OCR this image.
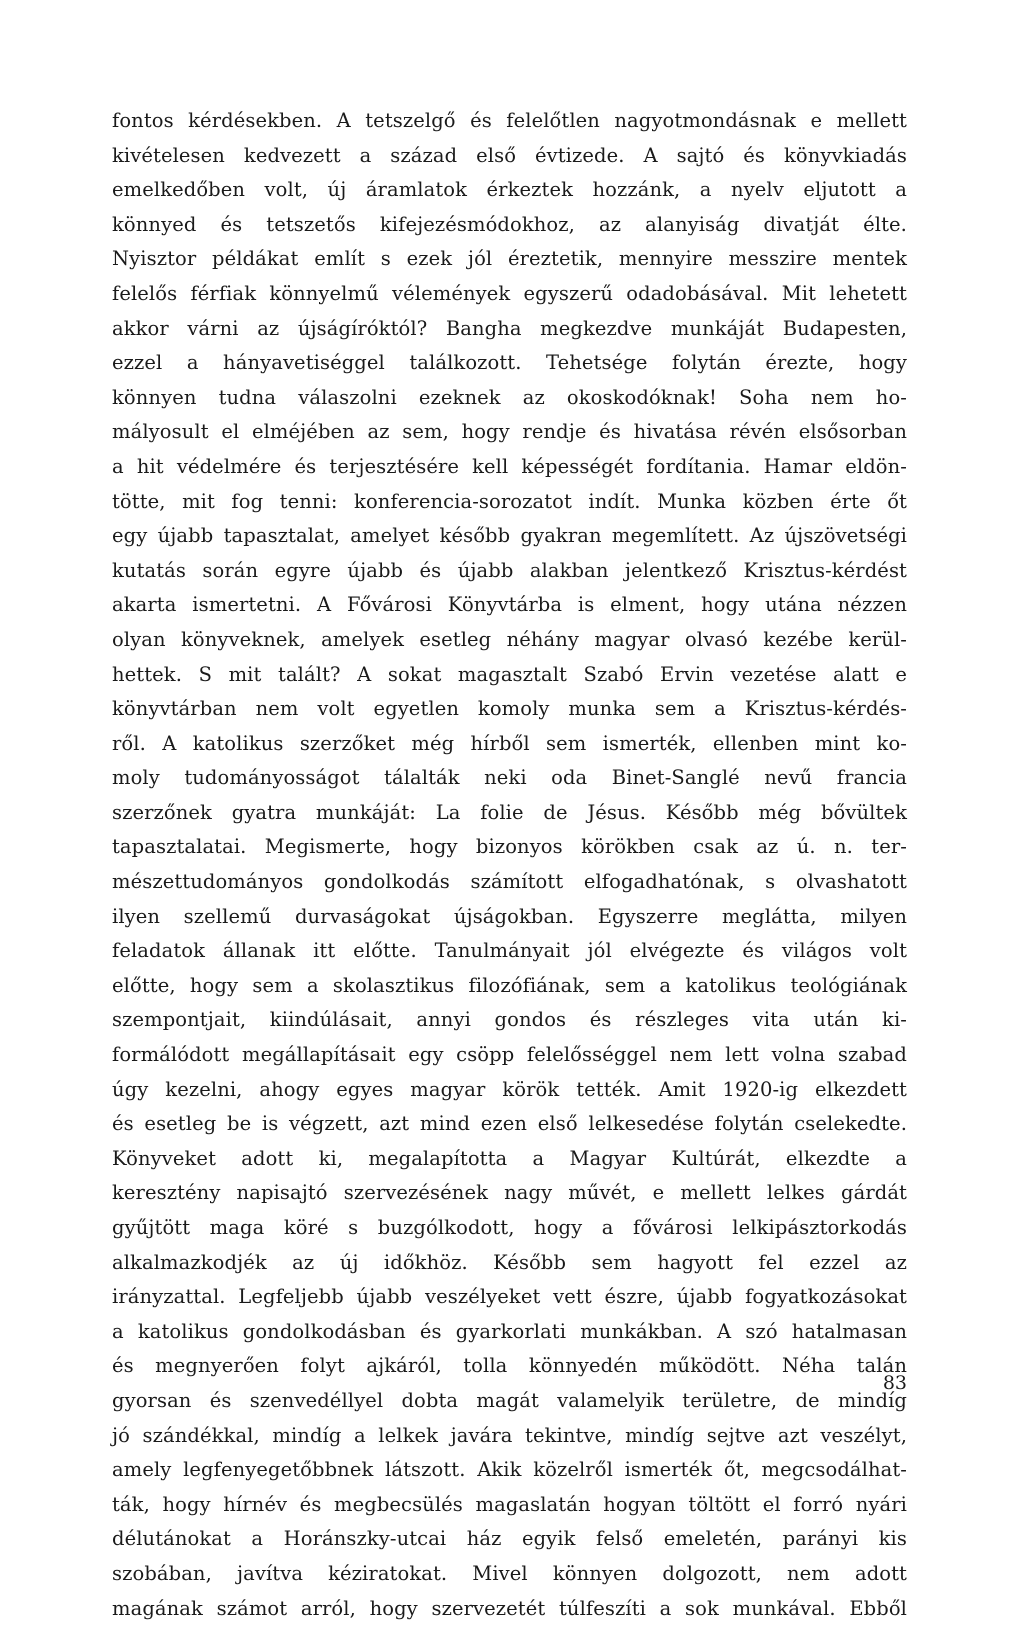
fontos kérdésekben. A tetszelgő és felelőtlen nagyotmondásnak e mellett
kivételesen kedvezett a század első évtizede. A sajtó és könyvkiadás
emelkedőben volt, új áramlatok érkeztek hozzánk, a nyelv eljutott a
könnyed és tetszetős kifejezésmódokhoz, az alanyiság divatját élte.
Nyisztor példákat említ s ezek jól éreztetik, mennyire messzire mentek
felelős férfiak könnyelmű vélemények egyszerű odadobásával. Mit lehetett
akkor várni az újságíróktól? Bangha megkezdve munkáját Budapesten,
ezzel a hányavetiséggel találkozott. Tehetsége folytán érezte, hogy
könnyen tudna válaszolni ezeknek az okoskodóknak! Soha nem ho-
mályosult el elméjében az sem, hogy rendje és hivatása révén elsősorban
a hit védelmére és terjesztésére kell képességét fordítania. Hamar eldön-
tötte, mit fog tenni: konferencia-sorozatot indít. Munka közben érte őt
egy újabb tapasztalat, amelyet később gyakran megemlített. Az újszövetségi
kutatás során egyre újabb és újabb alakban jelentkező Krisztus-kérdést
akarta ismertetni. A Fővárosi Könyvtárba is elment, hogy utána nézzen
olyan könyveknek, amelyek esetleg néhány magyar olvasó kezébe kerül-
hettek. S mit talált? A sokat magasztalt Szabó Ervin vezetése alatt e
könyvtárban nem volt egyetlen komoly munka sem a Krisztus-kérdés-
ről. A katolikus szerzőket még hírből sem ismerték, ellenben mint ko-
moly tudományosságot tálalták neki oda Binet-Sanglé nevű francia
szerzőnek gyatra munkáját: La folie de Jésus. Később még bővültek
tapasztalatai. Megismerte, hogy bizonyos körökben csak az ú. n. ter-
mészettudományos gondolkodás számított elfogadhatónak, s olvashatott
ilyen szellemű durvaságokat újságokban. Egyszerre meglátta, milyen
feladatok állanak itt előtte. Tanulmányait jól elvégezte és világos volt
előtte, hogy sem a skolasztikus filozófiának, sem a katolikus teológiának
szempontjait, kiindúlásait, annyi gondos és részleges vita után ki-
formálódott megállapításait egy csöpp felelősséggel nem lett volna szabad
úgy kezelni, ahogy egyes magyar körök tették. Amit 1920-ig elkezdett
és esetleg be is végzett, azt mind ezen első lelkesedése folytán cselekedte.
Könyveket adott ki, megalapította a Magyar Kultúrát, elkezdte a
keresztény napisajtó szervezésének nagy művét, e mellett lelkes gárdát
gyűjtött maga köré s buzgólkodott, hogy a fővárosi lelkipásztorkodás
alkalmazkodjék az új időkhöz. Később sem hagyott fel ezzel az
irányzattal. Legfeljebb újabb veszélyeket vett észre, újabb fogyatkozásokat
a katolikus gondolkodásban és gyarkorlati munkákban. A szó hatalmasan
és megnyerően folyt ajkáról, tolla könnyedén működött. Néha talán
gyorsan és szenvedéllyel dobta magát valamelyik területre, de mindíg
jó szándékkal, mindíg a lelkek javára tekintve, mindíg sejtve azt veszélyt,
amely legfenyegetőbbnek látszott. Akik közelről ismerték őt, megcsodálhat-
ták, hogy hírnév és megbecsülés magaslatán hogyan töltött el forró nyári
délutánokat a Horánszky-utcai ház egyik felső emeletén, parányi kis
szobában, javítva kéziratokat. Mivel könnyen dolgozott, nem adott
magának számot arról, hogy szervezetét túlfeszíti a sok munkával. Ebből
83
